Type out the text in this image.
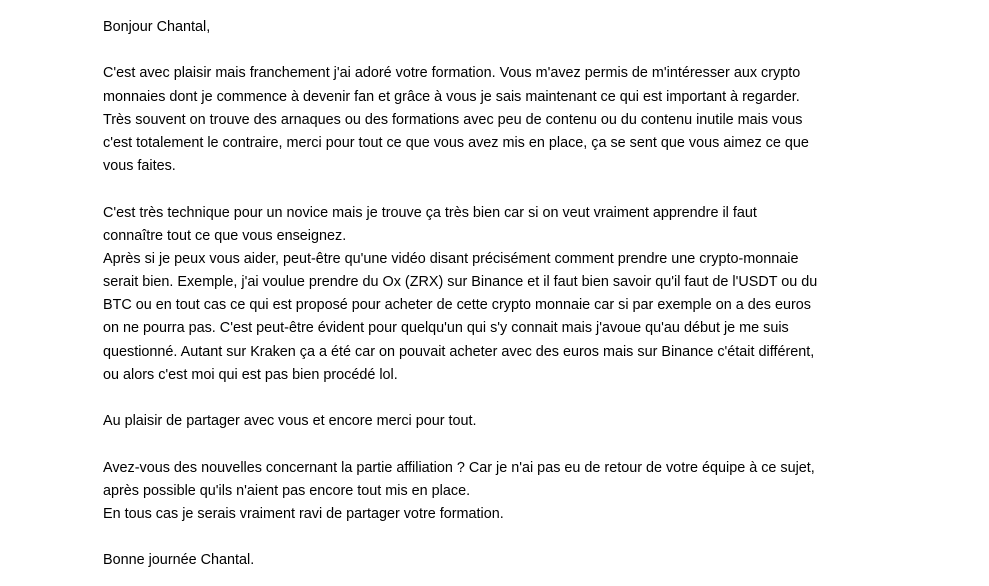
Bonjour Chantal,
C'est avec plaisir mais franchement j'ai adoré votre formation. Vous m'avez permis de m'intéresser aux crypto
monnaies dont je commence à devenir fan et grâce à vous je sais maintenant ce qui est important à regarder.
Très souvent on trouve des arnaques ou des formations avec peu de contenu ou du contenu inutile mais vous
c'est totalement le contraire, merci pour tout ce que vous avez mis en place, ça se sent que vous aimez ce que
vous faites.
C'est très technique pour un novice mais je trouve ça très bien car si on veut vraiment apprendre il faut
connaître tout ce que vous enseignez.
Après si je peux vous aider, peut-être qu'une vidéo disant précisément comment prendre une crypto-monnaie
serait bien. Exemple, j'ai voulue prendre du Ox (ZRX) sur Binance et il faut bien savoir qu'il faut de l'USDT ou du
BTC ou en tout cas ce qui est proposé pour acheter de cette crypto monnaie car si par exemple on a des euros
on ne pourra pas. C'est peut-être évident pour quelqu'un qui s'y connait mais j'avoue qu'au début je me suis
questionné. Autant sur Kraken ça a été car on pouvait acheter avec des euros mais sur Binance c'était différent,
ou alors c'est moi qui est pas bien procédé lol.
Au plaisir de partager avec vous et encore merci pour tout.
Avez-vous des nouvelles concernant la partie affiliation ? Car je n'ai pas eu de retour de votre équipe à ce sujet,
après possible qu'ils n'aient pas encore tout mis en place.
En tous cas je serais vraiment ravi de partager votre formation.
Bonne journée Chantal.
